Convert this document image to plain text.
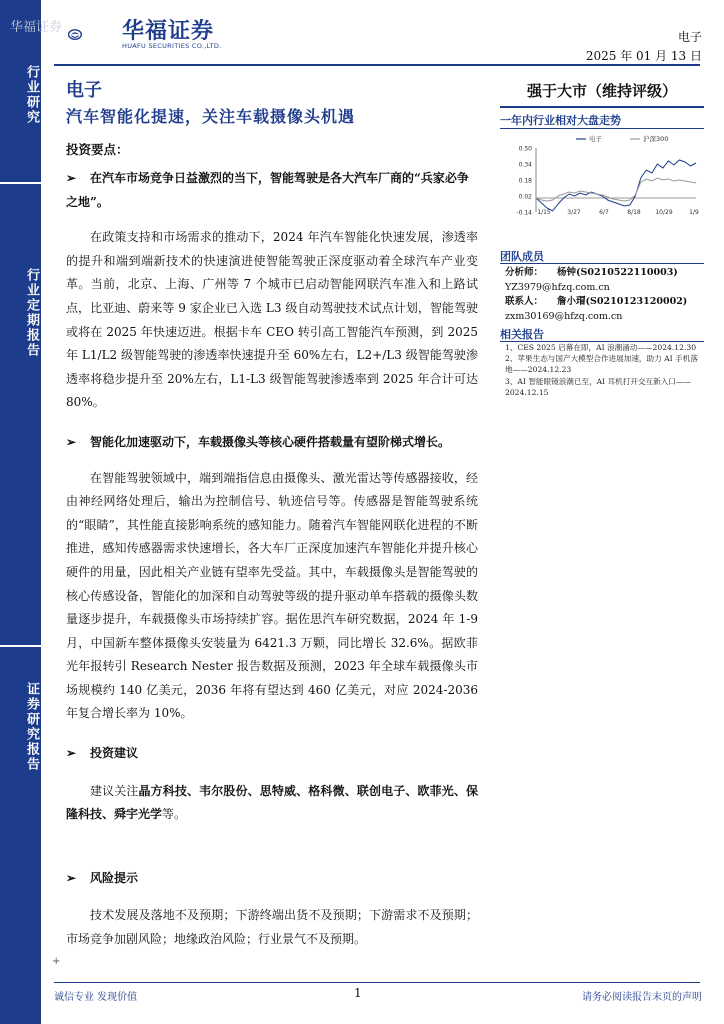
行业研究
行业定期报告
证券研究报告
华福证券	华福证券
HUAFU SECURITIES CO.,LTD.
电子
2025 年 01 月 13 日
电子
汽车智能化提速，关注车载摄像头机遇
投资要点：
➢ 在汽车市场竞争日益激烈的当下，智能驾驶是各大汽车厂商的“兵家必争之地”。
在政策支持和市场需求的推动下，2024 年汽车智能化快速发展，渗透率的提升和端到端新技术的快速演进使智能驾驶正深度驱动着全球汽车产业变革。当前，北京、上海、广州等 7 个城市已启动智能网联汽车准入和上路试点，比亚迪、蔚来等 9 家企业已入选 L3 级自动驾驶技术试点计划，智能驾驶或将在 2025 年快速迈进。根据卡车 CEO 转引高工智能汽车预测，到 2025 年 L1/L2 级智能驾驶的渗透率快速提升至 60%左右，L2+/L3 级智能驾驶渗透率将稳步提升至 20%左右，L1-L3 级智能驾驶渗透率到 2025 年合计可达 80%。
➢ 智能化加速驱动下，车载摄像头等核心硬件搭载量有望阶梯式增长。
在智能驾驶领域中，端到端指信息由摄像头、激光雷达等传感器接收，经由神经网络处理后，输出为控制信号、轨迹信号等。传感器是智能驾驶系统的“眼睛”，其性能直接影响系统的感知能力。随着汽车智能网联化进程的不断推进，感知传感器需求快速增长，各大车厂正深度加速汽车智能化并提升核心硬件的用量，因此相关产业链有望率先受益。其中，车载摄像头是智能驾驶的核心传感设备，智能化的加深和自动驾驶等级的提升驱动单车搭载的摄像头数量逐步提升，车载摄像头市场持续扩容。据佐思汽车研究数据，2024 年 1-9 月，中国新车整体摄像头安装量为 6421.3 万颗，同比增长 32.6%。据欧菲光年报转引 Research Nester 报告数据及预测，2023 年全球车载摄像头市场规模约 140 亿美元，2036 年将有望达到 460 亿美元，对应 2024-2036 年复合增长率为 10%。
➢ 投资建议
建议关注晶方科技、韦尔股份、思特威、格科微、联创电子、欧菲光、保隆科技、舜宇光学等。
➢ 风险提示
技术发展及落地不及预期；下游终端出货不及预期；下游需求不及预期；市场竞争加剧风险；地缘政治风险；行业景气不及预期。
强于大市（维持评级）
一年内行业相对大盘走势
0.50
0.34
0.18
0.02
-0.14 1/15	3/27	6/7	8/18 10/29	1/9
电子	沪深300
团队成员
分析师： 杨钟(S0210522110003)
YZ3979@hfzq.com.cn
联系人： 詹小瑁(S0210123120002)
zxm30169@hfzq.com.cn
相关报告
1、CES 2025 启幕在即，AI 浪潮涌动——2024.12.30
2、苹果生态与国产大模型合作进展加速，助力 AI 手机落地——2024.12.23
3、AI 智能眼镜浪潮已至，AI 耳机打开交互新入口——2024.12.15
+
诚信专业 发现价值	1	请务必阅读报告末页的声明
